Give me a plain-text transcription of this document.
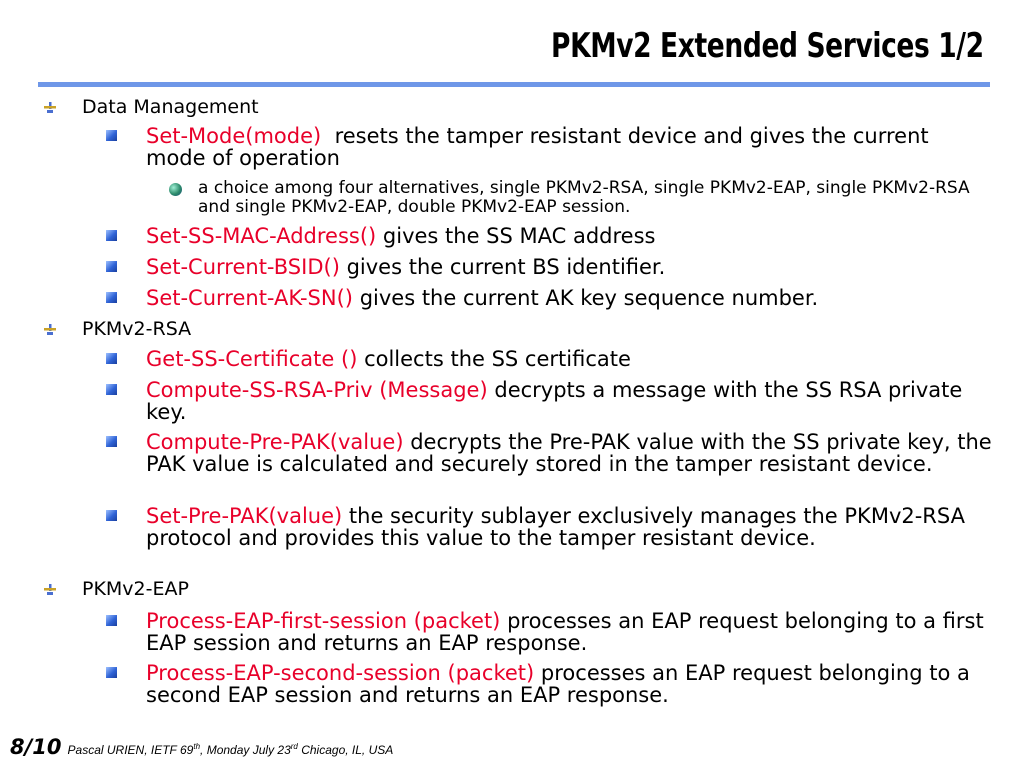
PKMv2 Extended Services 1/2
Data Management
Set-Mode(mode) resets the tamper resistant device and gives the current mode of operation
a choice among four alternatives, single PKMv2-RSA, single PKMv2-EAP, single PKMv2-RSA and single PKMv2-EAP, double PKMv2-EAP session.
Set-SS-MAC-Address() gives the SS MAC address
Set-Current-BSID() gives the current BS identifier.
Set-Current-AK-SN() gives the current AK key sequence number.
PKMv2-RSA
Get-SS-Certificate () collects the SS certificate
Compute-SS-RSA-Priv (Message) decrypts a message with the SS RSA private key.
Compute-Pre-PAK(value) decrypts the Pre-PAK value with the SS private key, the PAK value is calculated and securely stored in the tamper resistant device.
Set-Pre-PAK(value) the security sublayer exclusively manages the PKMv2-RSA protocol and provides this value to the tamper resistant device.
PKMv2-EAP
Process-EAP-first-session (packet) processes an EAP request belonging to a first EAP session and returns an EAP response.
Process-EAP-second-session (packet) processes an EAP request belonging to a second EAP session and returns an EAP response.
8/10 Pascal URIEN, IETF 69th, Monday July 23rd Chicago, IL, USA
